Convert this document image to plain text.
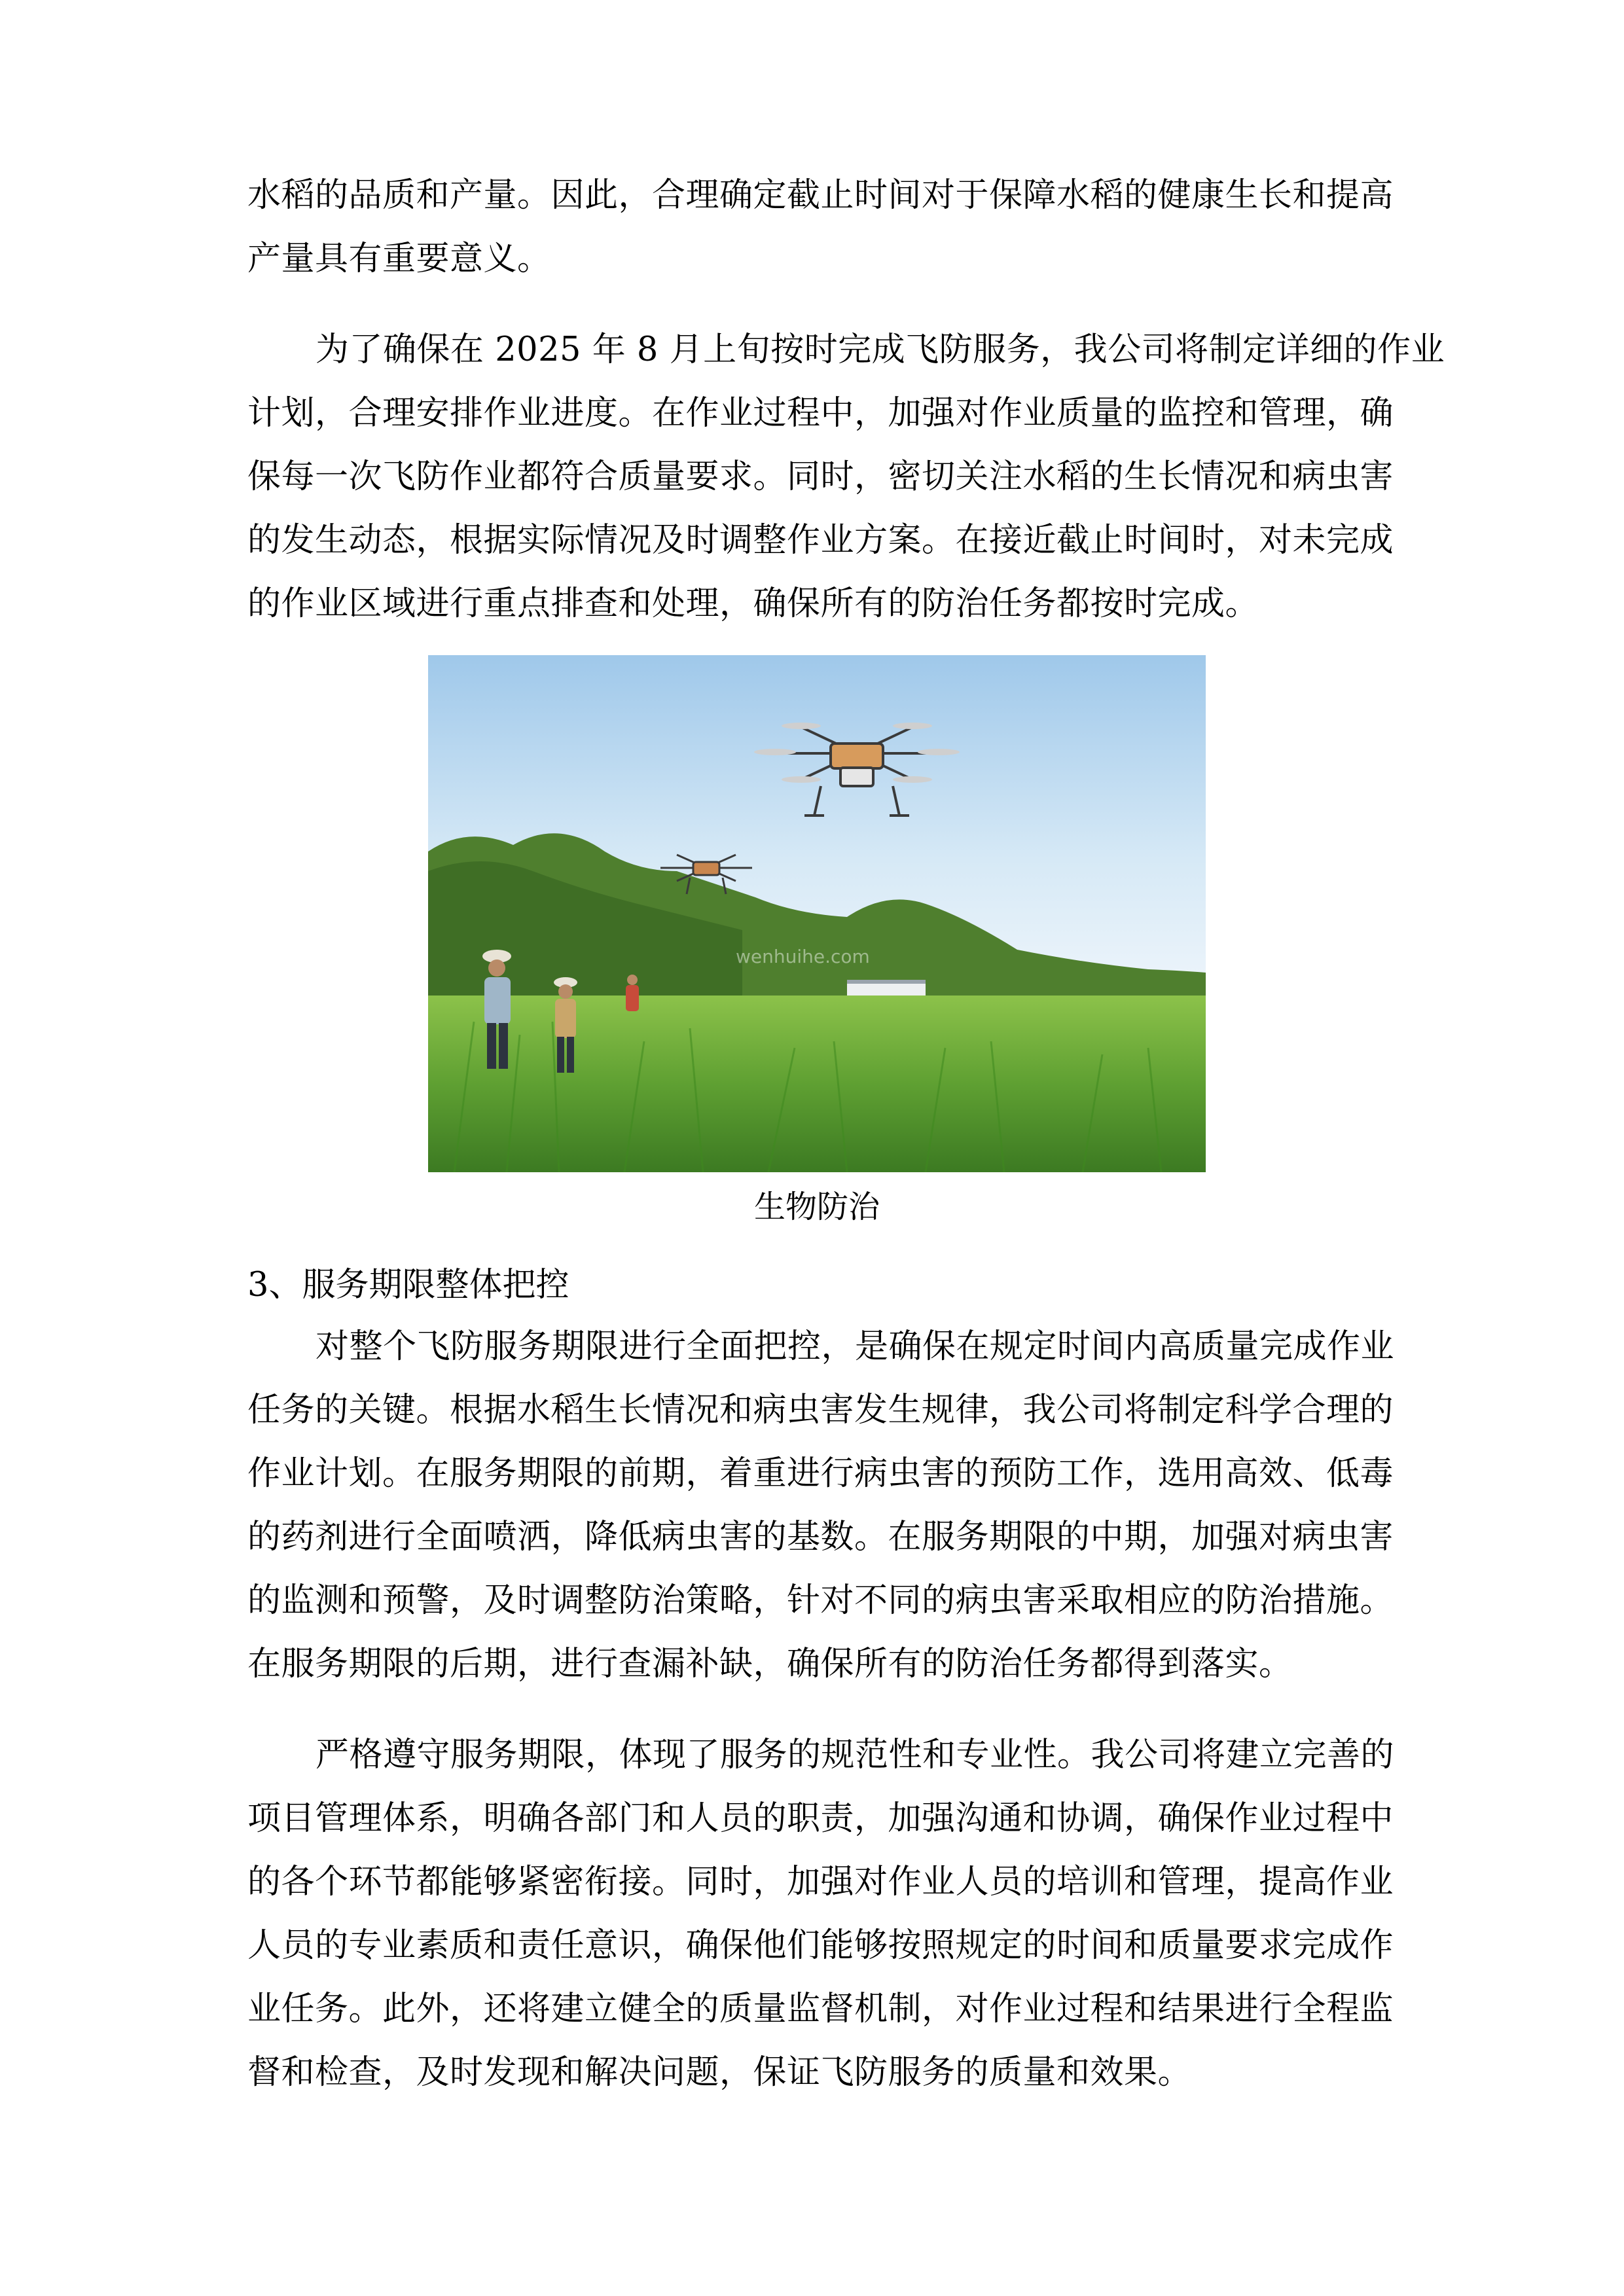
水稻的品质和产量。因此，合理确定截止时间对于保障水稻的健康生长和提高
产量具有重要意义。
为了确保在 2025 年 8 月上旬按时完成飞防服务，我公司将制定详细的作业
计划，合理安排作业进度。在作业过程中，加强对作业质量的监控和管理，确
保每一次飞防作业都符合质量要求。同时，密切关注水稻的生长情况和病虫害
的发生动态，根据实际情况及时调整作业方案。在接近截止时间时，对未完成
的作业区域进行重点排查和处理，确保所有的防治任务都按时完成。
wenhuihe.com
生物防治
3、服务期限整体把控
对整个飞防服务期限进行全面把控，是确保在规定时间内高质量完成作业
任务的关键。根据水稻生长情况和病虫害发生规律，我公司将制定科学合理的
作业计划。在服务期限的前期，着重进行病虫害的预防工作，选用高效、低毒
的药剂进行全面喷洒，降低病虫害的基数。在服务期限的中期，加强对病虫害
的监测和预警，及时调整防治策略，针对不同的病虫害采取相应的防治措施。
在服务期限的后期，进行查漏补缺，确保所有的防治任务都得到落实。
严格遵守服务期限，体现了服务的规范性和专业性。我公司将建立完善的
项目管理体系，明确各部门和人员的职责，加强沟通和协调，确保作业过程中
的各个环节都能够紧密衔接。同时，加强对作业人员的培训和管理，提高作业
人员的专业素质和责任意识，确保他们能够按照规定的时间和质量要求完成作
业任务。此外，还将建立健全的质量监督机制，对作业过程和结果进行全程监
督和检查，及时发现和解决问题，保证飞防服务的质量和效果。
